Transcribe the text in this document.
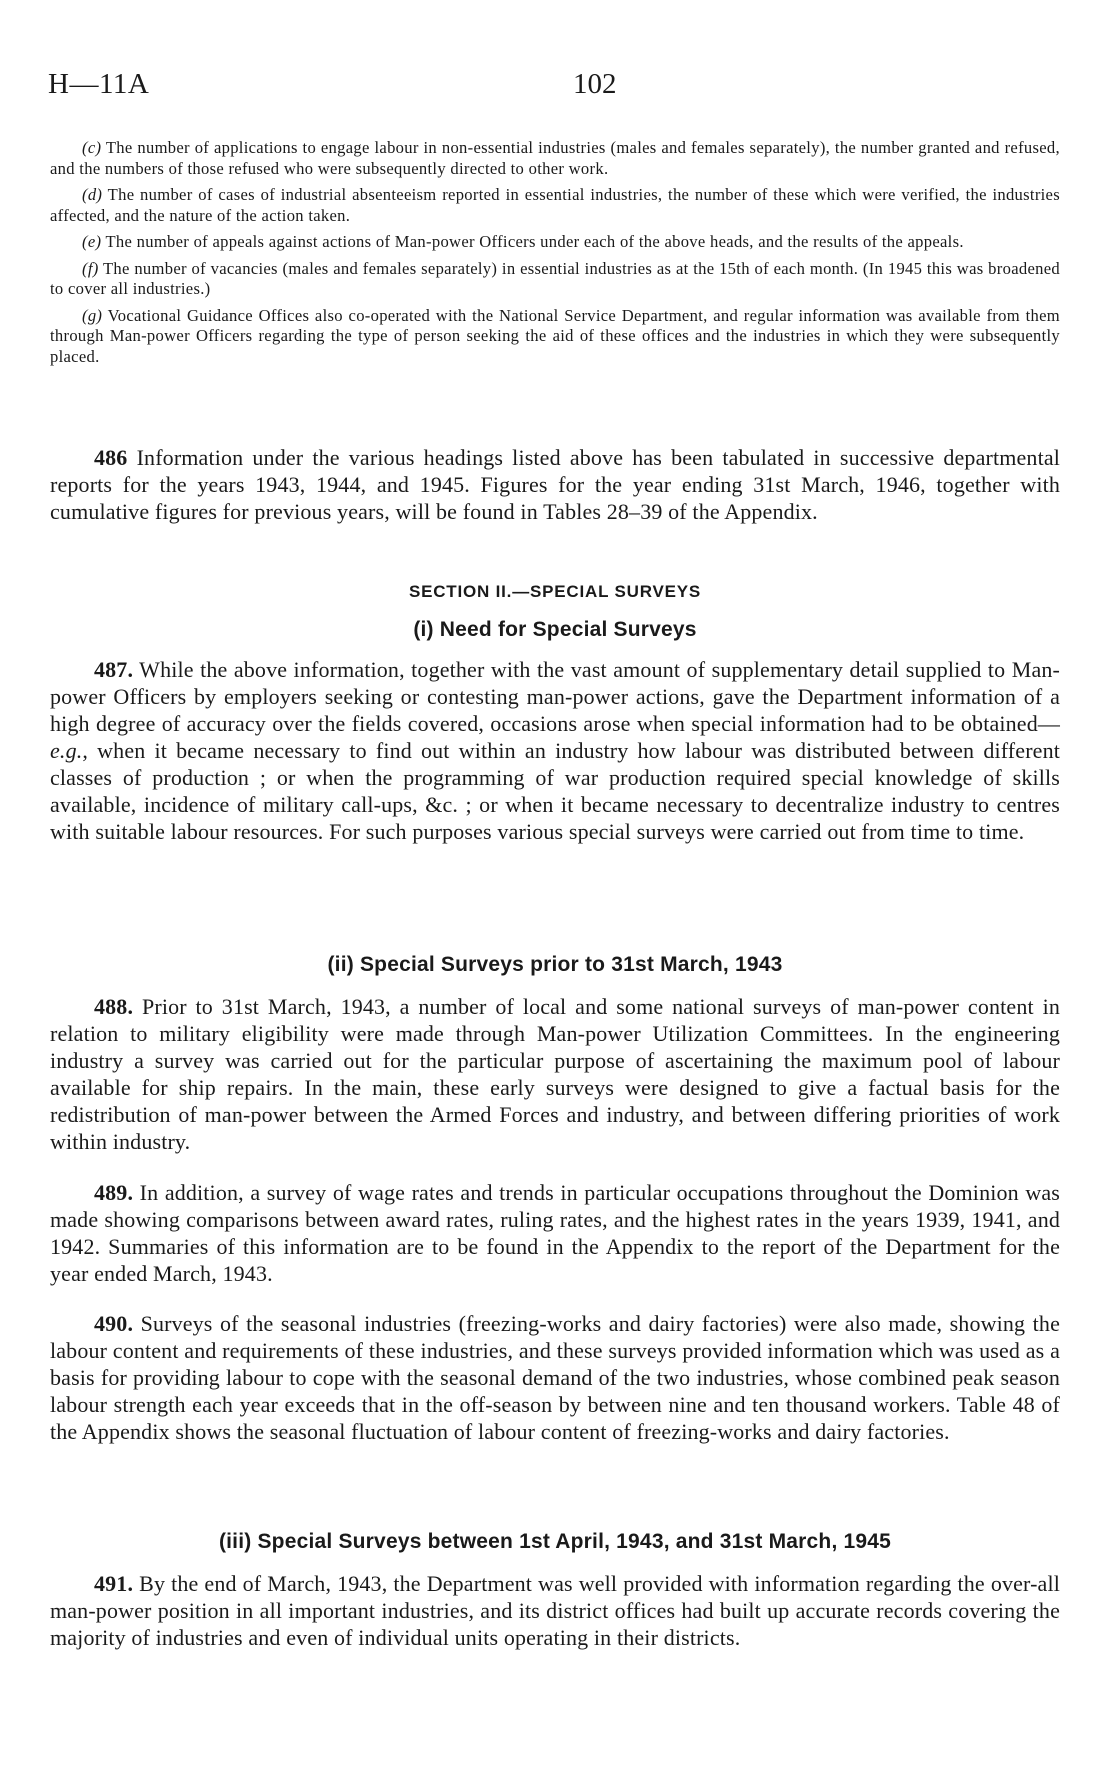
H—11A	102

(c) The number of applications to engage labour in non-essential industries (males and females separately), the number granted and refused, and the numbers of those refused who were subsequently directed to other work.

(d) The number of cases of industrial absenteeism reported in essential industries, the number of these which were verified, the industries affected, and the nature of the action taken.

(e) The number of appeals against actions of Man-power Officers under each of the above heads, and the results of the appeals.

(f) The number of vacancies (males and females separately) in essential industries as at the 15th of each month. (In 1945 this was broadened to cover all industries.)

(g) Vocational Guidance Offices also co-operated with the National Service Department, and regular information was available from them through Man-power Officers regarding the type of person seeking the aid of these offices and the industries in which they were subsequently placed.

486 Information under the various headings listed above has been tabulated in successive departmental reports for the years 1943, 1944, and 1945. Figures for the year ending 31st March, 1946, together with cumulative figures for previous years, will be found in Tables 28–39 of the Appendix.

SECTION II.—SPECIAL SURVEYS
(i) Need for Special Surveys

487. While the above information, together with the vast amount of supplementary detail supplied to Man-power Officers by employers seeking or contesting man-power actions, gave the Department information of a high degree of accuracy over the fields covered, occasions arose when special information had to be obtained—e.g., when it became necessary to find out within an industry how labour was distributed between different classes of production ; or when the programming of war production required special knowledge of skills available, incidence of military call-ups, &c. ; or when it became necessary to decentralize industry to centres with suitable labour resources. For such purposes various special surveys were carried out from time to time.

(ii) Special Surveys prior to 31st March, 1943

488. Prior to 31st March, 1943, a number of local and some national surveys of man-power content in relation to military eligibility were made through Man-power Utilization Committees. In the engineering industry a survey was carried out for the particular purpose of ascertaining the maximum pool of labour available for ship repairs. In the main, these early surveys were designed to give a factual basis for the redistribution of man-power between the Armed Forces and industry, and between differing priorities of work within industry.

489. In addition, a survey of wage rates and trends in particular occupations throughout the Dominion was made showing comparisons between award rates, ruling rates, and the highest rates in the years 1939, 1941, and 1942. Summaries of this information are to be found in the Appendix to the report of the Department for the year ended March, 1943.

490. Surveys of the seasonal industries (freezing-works and dairy factories) were also made, showing the labour content and requirements of these industries, and these surveys provided information which was used as a basis for providing labour to cope with the seasonal demand of the two industries, whose combined peak season labour strength each year exceeds that in the off-season by between nine and ten thousand workers. Table 48 of the Appendix shows the seasonal fluctuation of labour content of freezing-works and dairy factories.

(iii) Special Surveys between 1st April, 1943, and 31st March, 1945

491. By the end of March, 1943, the Department was well provided with information regarding the over-all man-power position in all important industries, and its district offices had built up accurate records covering the majority of industries and even of individual units operating in their districts.
